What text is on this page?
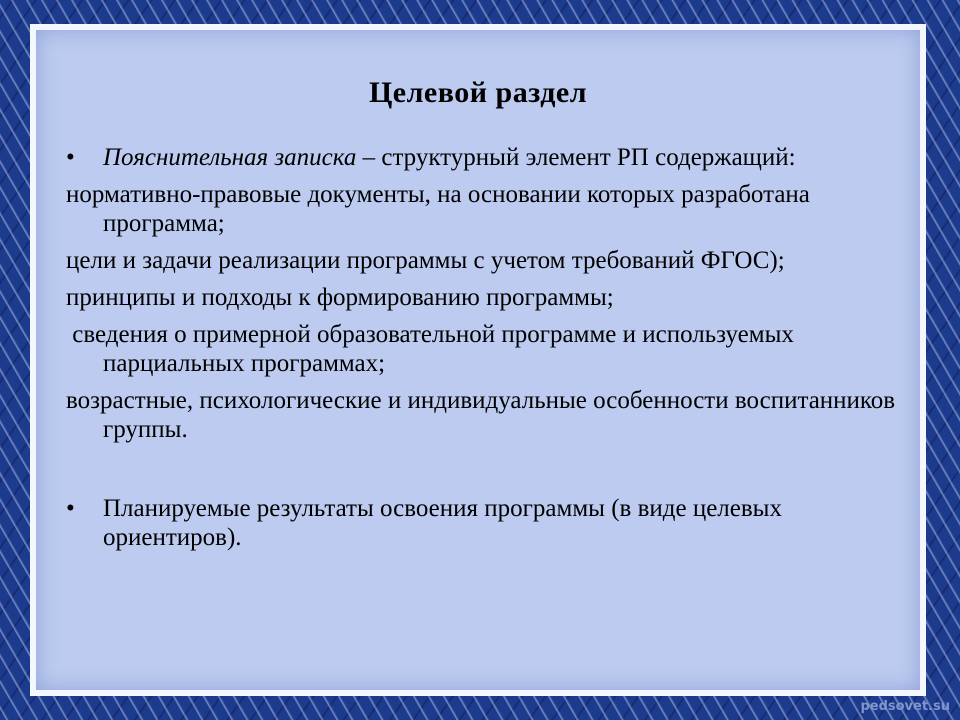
Целевой раздел
• Пояснительная записка – структурный элемент РП содержащий:
нормативно-правовые документы, на основании которых разработана программа;
цели и задачи реализации программы с учетом требований ФГОС);
принципы и подходы к формированию программы;
сведения о примерной образовательной программе и используемых парциальных программах;
возрастные, психологические и индивидуальные особенности воспитанников группы.
• Планируемые результаты освоения программы (в виде целевых ориентиров).
pedsovet.su
